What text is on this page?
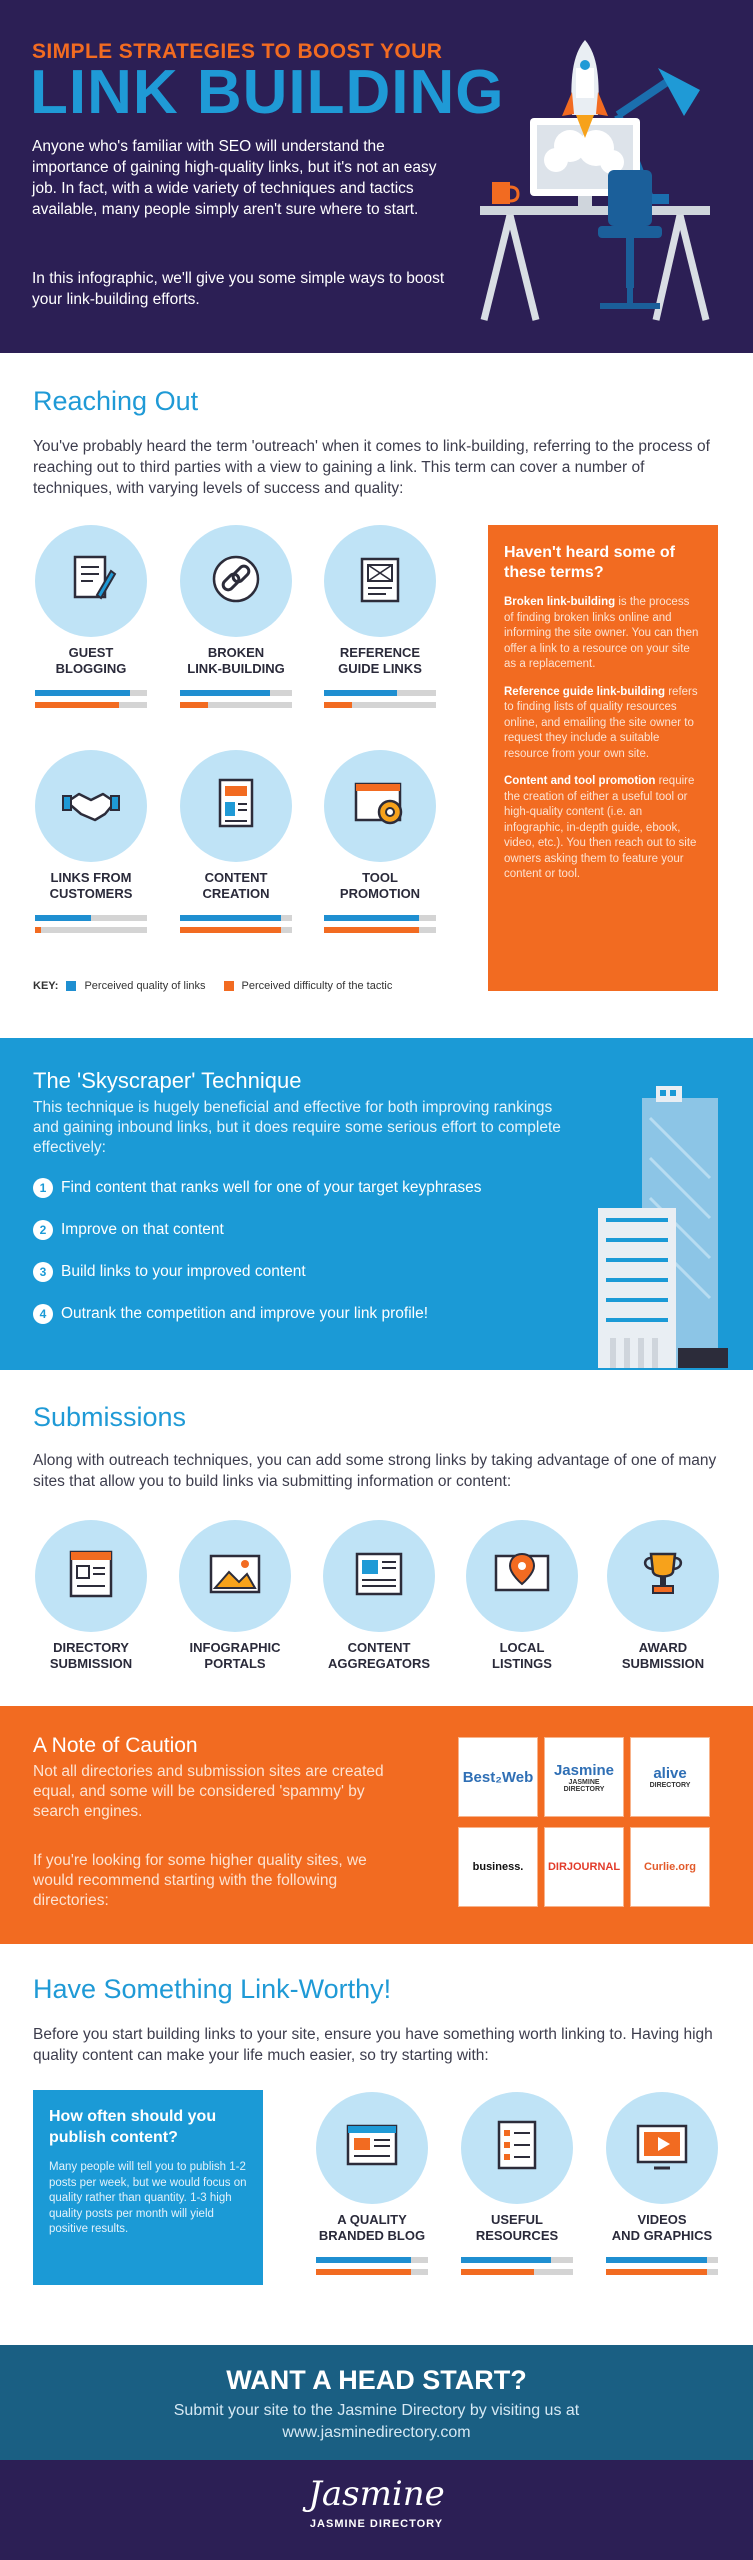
SIMPLE STRATEGIES TO BOOST YOUR
LINK BUILDING
Anyone who's familiar with SEO will understand the importance of gaining high-quality links, but it's not an easy job. In fact, with a wide variety of techniques and tactics available, many people simply aren't sure where to start.
In this infographic, we'll give you some simple ways to boost your link-building efforts.
Reaching Out
You've probably heard the term 'outreach' when it comes to link-building, referring to the process of reaching out to third parties with a view to gaining a link. This term can cover a number of techniques, with varying levels of success and quality:
GUEST
BLOGGING
BROKEN
LINK-BUILDING
REFERENCE
GUIDE LINKS
LINKS FROM
CUSTOMERS
CONTENT
CREATION
TOOL
PROMOTION
Haven't heard some of these terms?

Broken link-building is the process of finding broken links online and informing the site owner. You can then offer a link to a resource on your site as a replacement.

Reference guide link-building refers to finding lists of quality resources online, and emailing the site owner to request they include a suitable resource from your own site.

Content and tool promotion require the creation of either a useful tool or high-quality content (i.e. an infographic, in-depth guide, ebook, video, etc.). You then reach out to site owners asking them to feature your content or tool.

KEY: Perceived quality of links	Perceived difficulty of the tactic
The 'Skyscraper' Technique
This technique is hugely beneficial and effective for both improving rankings and gaining inbound links, but it does require some serious effort to complete effectively:
1 Find content that ranks well for one of your target keyphrases
2 Improve on that content
3 Build links to your improved content
4 Outrank the competition and improve your link profile!
Submissions
Along with outreach techniques, you can add some strong links by taking advantage of one of many sites that allow you to build links via submitting information or content:
DIRECTORY
SUBMISSION
INFOGRAPHIC
PORTALS
CONTENT
AGGREGATORS
LOCAL
LISTINGS
AWARD
SUBMISSION
A Note of Caution
Not all directories and submission sites are created equal, and some will be considered 'spammy' by search engines.
If you're looking for some higher quality sites, we would recommend starting with the following directories:
Best₂Web	Jasmine
JASMINE DIRECTORY
alive
DIRECTORY
business. DIRJOURNAL Curlie.org
Have Something Link-Worthy!
Before you start building links to your site, ensure you have something worth linking to. Having high quality content can make your life much easier, so try starting with:
How often should you publish content?

Many people will tell you to publish 1-2 posts per week, but we would focus on quality rather than quantity. 1-3 high quality posts per month will yield positive results.

A QUALITY
BRANDED BLOG
USEFUL
RESOURCES
VIDEOS
AND GRAPHICS
WANT A HEAD START?
Submit your site to the Jasmine Directory by visiting us at
www.jasminedirectory.com
Jasmine
JASMINE DIRECTORY
